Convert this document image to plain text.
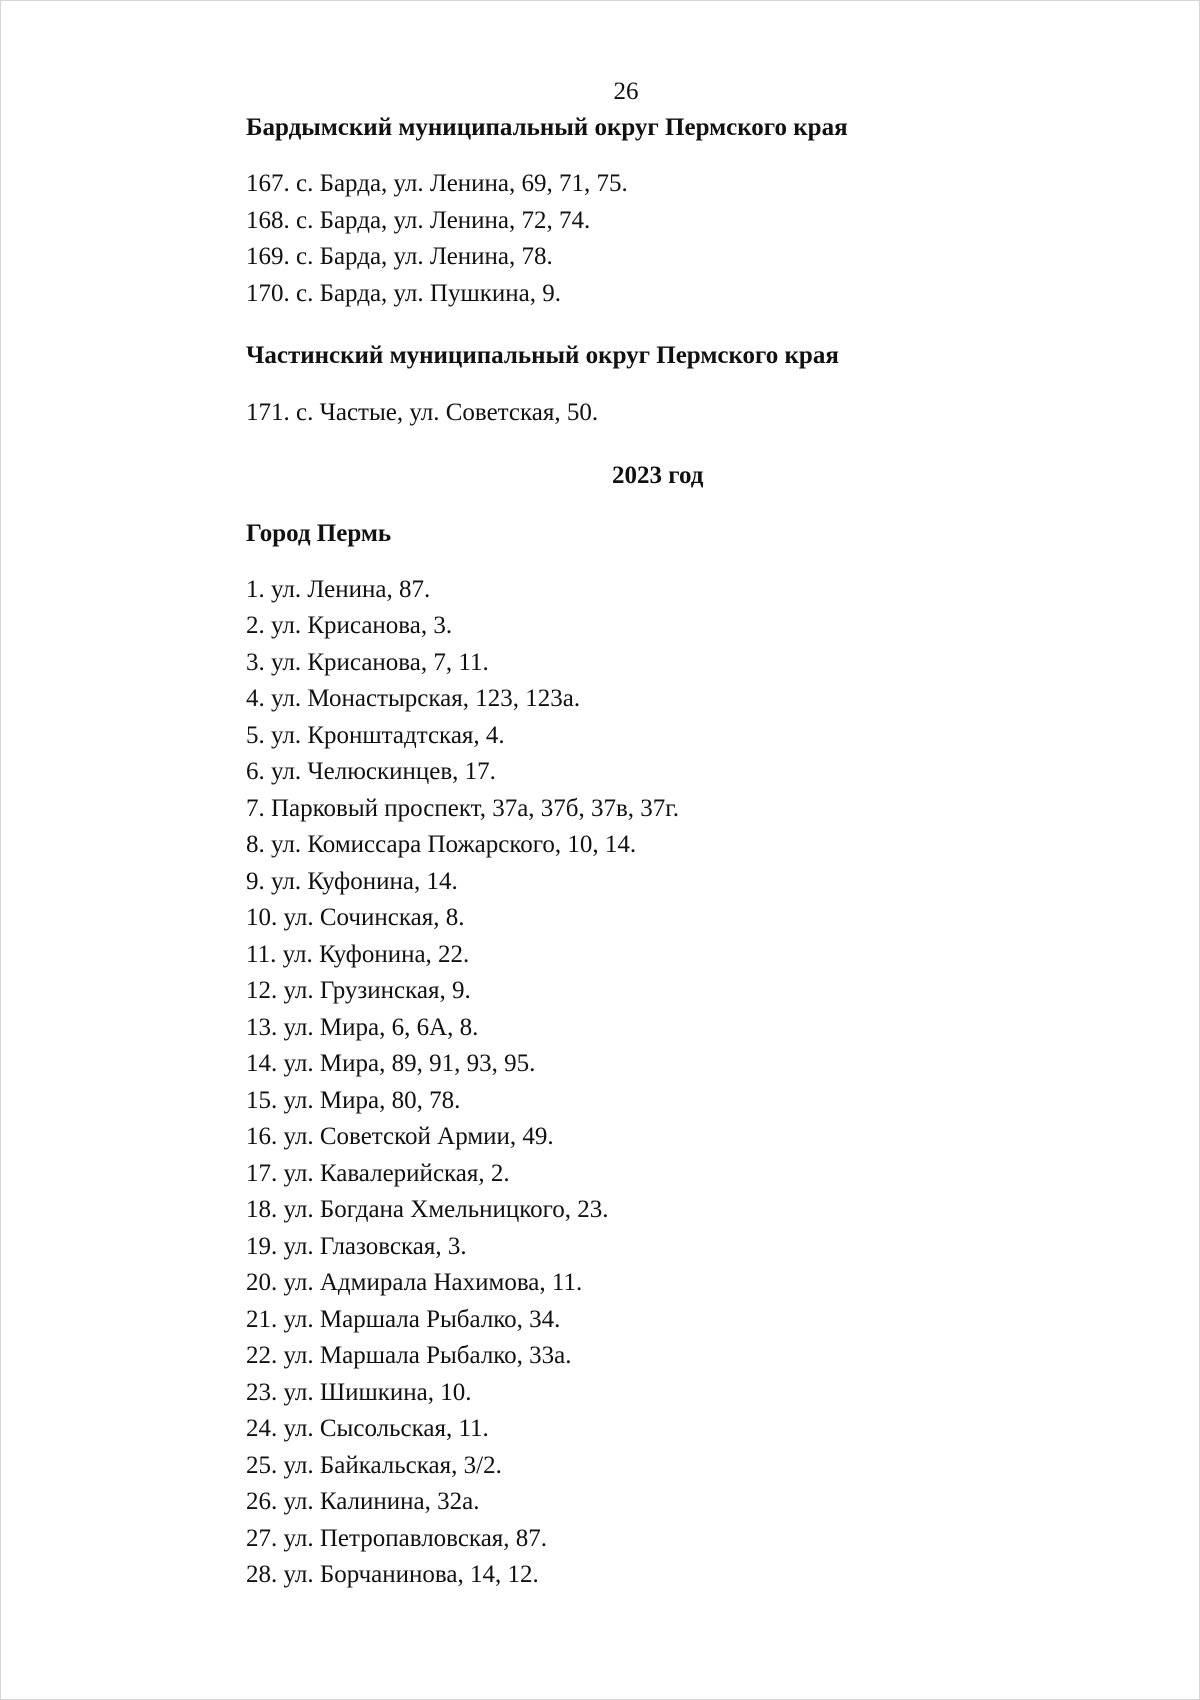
26
Бардымский муниципальный округ Пермского края
167. с. Барда, ул. Ленина, 69, 71, 75.
168. с. Барда, ул. Ленина, 72, 74.
169. с. Барда, ул. Ленина, 78.
170. с. Барда, ул. Пушкина, 9.
Частинский муниципальный округ Пермского края
171. с. Частые, ул. Советская, 50.
2023 год
Город Пермь
1. ул. Ленина, 87.
2. ул. Крисанова, 3.
3. ул. Крисанова, 7, 11.
4. ул. Монастырская, 123, 123а.
5. ул. Кронштадтская, 4.
6. ул. Челюскинцев, 17.
7. Парковый проспект, 37а, 37б, 37в, 37г.
8. ул. Комиссара Пожарского, 10, 14.
9. ул. Куфонина, 14.
10. ул. Сочинская, 8.
11. ул. Куфонина, 22.
12. ул. Грузинская, 9.
13. ул. Мира, 6, 6А, 8.
14. ул. Мира, 89, 91, 93, 95.
15. ул. Мира, 80, 78.
16. ул. Советской Армии, 49.
17. ул. Кавалерийская, 2.
18. ул. Богдана Хмельницкого, 23.
19. ул. Глазовская, 3.
20. ул. Адмирала Нахимова, 11.
21. ул. Маршала Рыбалко, 34.
22. ул. Маршала Рыбалко, 33а.
23. ул. Шишкина, 10.
24. ул. Сысольская, 11.
25. ул. Байкальская, 3/2.
26. ул. Калинина, 32а.
27. ул. Петропавловская, 87.
28. ул. Борчанинова, 14, 12.
